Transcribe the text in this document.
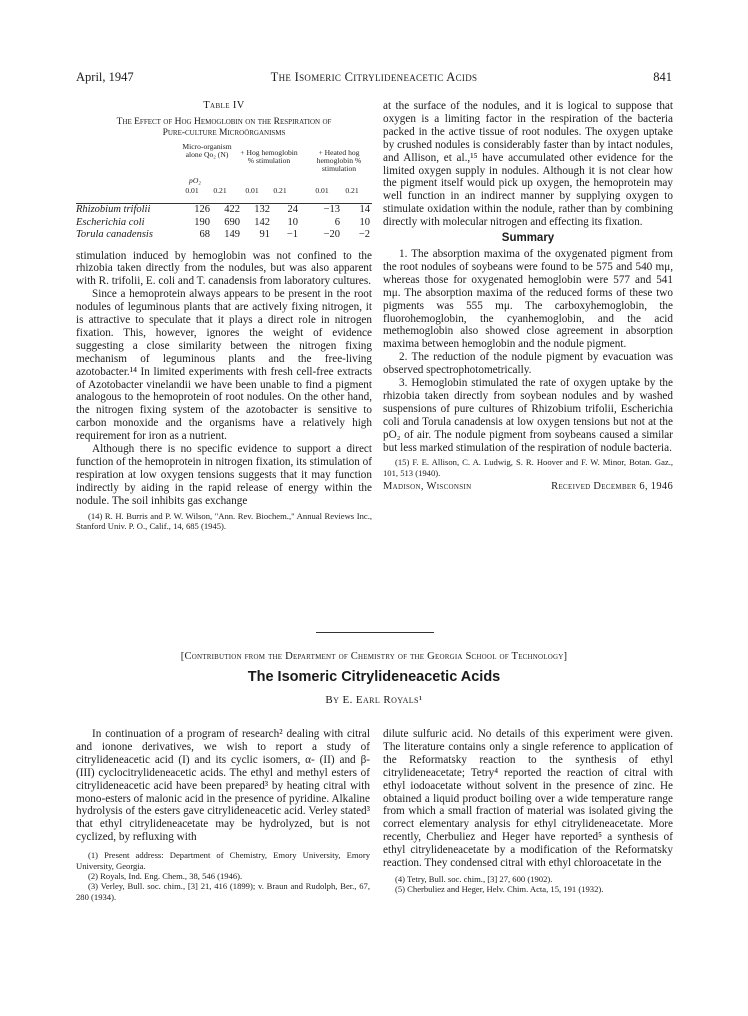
April, 1947	The Isomeric Citrylideneacetic Acids	841
Table IV
The Effect of Hog Hemoglobin on the Respiration of
Pure-culture Microörganisms
Micro-organism alone Qo₂ (N)	+ Hog hemoglobin % stimulation
+ Heated hog hemoglobin % stimulation
pO₂
0.01	0.21	0.01	0.21	0.01	0.21
Rhizobium trifolii	126	422	132	24	−13	14
Escherichia coli	190	690	142	10	6	10
Torula canadensis	68	149	91	−1	−20	−2

stimulation induced by hemoglobin was not confined to the rhizobia taken directly from the nodules, but was also apparent with R. trifolii, E. coli and T. canadensis from laboratory cultures.

Since a hemoprotein always appears to be present in the root nodules of leguminous plants that are actively fixing nitrogen, it is attractive to speculate that it plays a direct role in nitrogen fixation. This, however, ignores the weight of evidence suggesting a close similarity between the nitrogen fixing mechanism of leguminous plants and the free-living azotobacter.¹⁴ In limited experiments with fresh cell-free extracts of Azotobacter vinelandii we have been unable to find a pigment analogous to the hemoprotein of root nodules. On the other hand, the nitrogen fixing system of the azotobacter is sensitive to carbon monoxide and the organisms have a relatively high requirement for iron as a nutrient.

Although there is no specific evidence to support a direct function of the hemoprotein in nitrogen fixation, its stimulation of respiration at low oxygen tensions suggests that it may function indirectly by aiding in the rapid release of energy within the nodule. The soil inhibits gas exchange

(14) R. H. Burris and P. W. Wilson, "Ann. Rev. Biochem.," Annual Reviews Inc., Stanford Univ. P. O., Calif., 14, 685 (1945).

at the surface of the nodules, and it is logical to suppose that oxygen is a limiting factor in the respiration of the bacteria packed in the active tissue of root nodules. The oxygen uptake by crushed nodules is considerably faster than by intact nodules, and Allison, et al.,¹⁵ have accumulated other evidence for the limited oxygen supply in nodules. Although it is not clear how the pigment itself would pick up oxygen, the hemoprotein may well function in an indirect manner by supplying oxygen to stimulate oxidation within the nodule, rather than by combining directly with molecular nitrogen and effecting its fixation.

Summary

1. The absorption maxima of the oxygenated pigment from the root nodules of soybeans were found to be 575 and 540 mμ, whereas those for oxygenated hemoglobin were 577 and 541 mμ. The absorption maxima of the reduced forms of these two pigments was 555 mμ. The carboxyhemoglobin, the fluorohemoglobin, the cyanhemoglobin, and the acid methemoglobin also showed close agreement in absorption maxima between hemoglobin and the nodule pigment.

2. The reduction of the nodule pigment by evacuation was observed spectrophotometrically.

3. Hemoglobin stimulated the rate of oxygen uptake by the rhizobia taken directly from soybean nodules and by washed suspensions of pure cultures of Rhizobium trifolii, Escherichia coli and Torula canadensis at low oxygen tensions but not at the pO₂ of air. The nodule pigment from soybeans caused a similar but less marked stimulation of the respiration of nodule bacteria.

(15) F. E. Allison, C. A. Ludwig, S. R. Hoover and F. W. Minor, Botan. Gaz., 101, 513 (1940).

Madison, Wisconsin	Received December 6, 1946
[Contribution from the Department of Chemistry of the Georgia School of Technology]
The Isomeric Citrylideneacetic Acids
By E. Earl Royals¹

In continuation of a program of research² dealing with citral and ionone derivatives, we wish to report a study of citrylideneacetic acid (I) and its cyclic isomers, α- (II) and β- (III) cyclocitrylideneacetic acids. The ethyl and methyl esters of citrylideneacetic acid have been prepared³ by heating citral with mono-esters of malonic acid in the presence of pyridine. Alkaline hydrolysis of the esters gave citrylideneacetic acid. Verley stated³ that ethyl citrylideneacetate may be hydrolyzed, but is not cyclized, by refluxing with

(1) Present address: Department of Chemistry, Emory University, Emory University, Georgia.

(2) Royals, Ind. Eng. Chem., 38, 546 (1946).

(3) Verley, Bull. soc. chim., [3] 21, 416 (1899); v. Braun and Rudolph, Ber., 67, 280 (1934).

dilute sulfuric acid. No details of this experiment were given. The literature contains only a single reference to application of the Reformatsky reaction to the synthesis of ethyl citrylideneacetate; Tetry⁴ reported the reaction of citral with ethyl iodoacetate without solvent in the presence of zinc. He obtained a liquid product boiling over a wide temperature range from which a small fraction of material was isolated giving the correct elementary analysis for ethyl citrylideneacetate. More recently, Cherbuliez and Heger have reported⁵ a synthesis of ethyl citrylideneacetate by a modification of the Reformatsky reaction. They condensed citral with ethyl chloroacetate in the

(4) Tetry, Bull. soc. chim., [3] 27, 600 (1902).

(5) Cherbuliez and Heger, Helv. Chim. Acta, 15, 191 (1932).
